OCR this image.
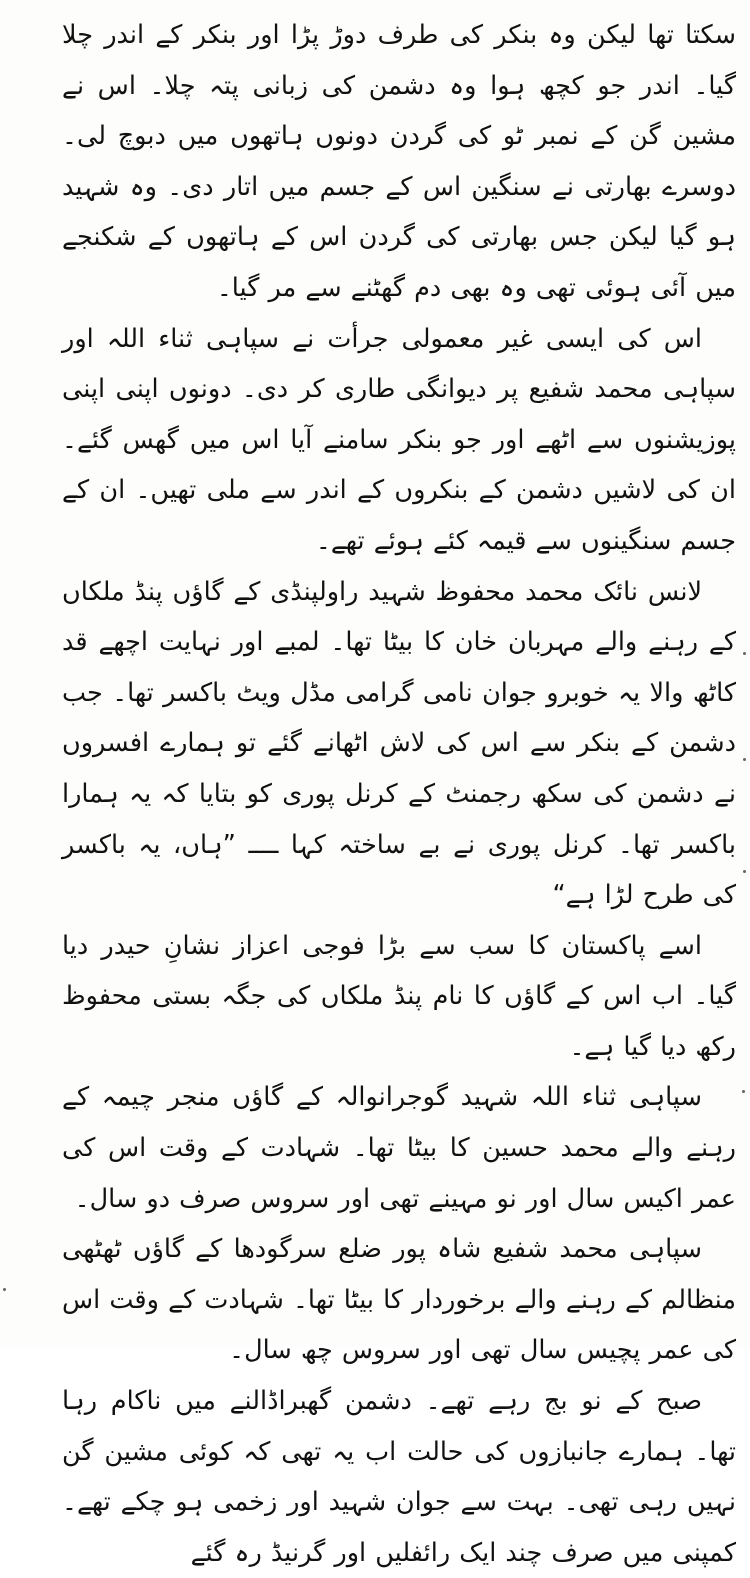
سکتا تھا لیکن وہ بنکر کی طرف دوڑ پڑا اور بنکر کے اندر چلا گیا۔ اندر جو کچھ ہوا وہ دشمن کی زبانی پتہ چلا۔ اس نے مشین گن کے نمبر ٹو کی گردن دونوں ہاتھوں میں دبوچ لی۔ دوسرے بھارتی نے سنگین اس کے جسم میں اتار دی۔ وہ شہید ہو گیا لیکن جس بھارتی کی گردن اس کے ہاتھوں کے شکنجے میں آئی ہوئی تھی وہ بھی دم گھٹنے سے مر گیا۔

اس کی ایسی غیر معمولی جرأت نے سپاہی ثناء اللہ اور سپاہی محمد شفیع پر دیوانگی طاری کر دی۔ دونوں اپنی اپنی پوزیشنوں سے اٹھے اور جو بنکر سامنے آیا اس میں گھس گئے۔ ان کی لاشیں دشمن کے بنکروں کے اندر سے ملی تھیں۔ ان کے جسم سنگینوں سے قیمہ کئے ہوئے تھے۔

لانس نائک محمد محفوظ شہید راولپنڈی کے گاؤں پنڈ ملکاں کے رہنے والے مہربان خان کا بیٹا تھا۔ لمبے اور نہایت اچھے قد کاٹھ والا یہ خوبرو جوان نامی گرامی مڈل ویٹ باکسر تھا۔ جب دشمن کے بنکر سے اس کی لاش اٹھانے گئے تو ہمارے افسروں نے دشمن کی سکھ رجمنٹ کے کرنل پوری کو بتایا کہ یہ ہمارا باکسر تھا۔ کرنل پوری نے بے ساختہ کہا ــــ ”ہاں، یہ باکسر کی طرح لڑا ہے“

اسے پاکستان کا سب سے بڑا فوجی اعزاز نشانِ حیدر دیا گیا۔ اب اس کے گاؤں کا نام پنڈ ملکاں کی جگہ بستی محفوظ رکھ دیا گیا ہے۔

سپاہی ثناء اللہ شہید گوجرانوالہ کے گاؤں منجر چیمہ کے رہنے والے محمد حسین کا بیٹا تھا۔ شہادت کے وقت اس کی عمر اکیس سال اور نو مہینے تھی اور سروس صرف دو سال۔

سپاہی محمد شفیع شاہ پور ضلع سرگودھا کے گاؤں ٹھٹھی منظالم کے رہنے والے برخوردار کا بیٹا تھا۔ شہادت کے وقت اس کی عمر پچیس سال تھی اور سروس چھ سال۔

صبح کے نو بج رہے تھے۔ دشمن گھبراڈالنے میں ناکام رہا تھا۔ ہمارے جانبازوں کی حالت اب یہ تھی کہ کوئی مشین گن نہیں رہی تھی۔ بہت سے جوان شہید اور زخمی ہو چکے تھے۔ کمپنی میں صرف چند ایک رائفلیں اور گرنیڈ رہ گئے
